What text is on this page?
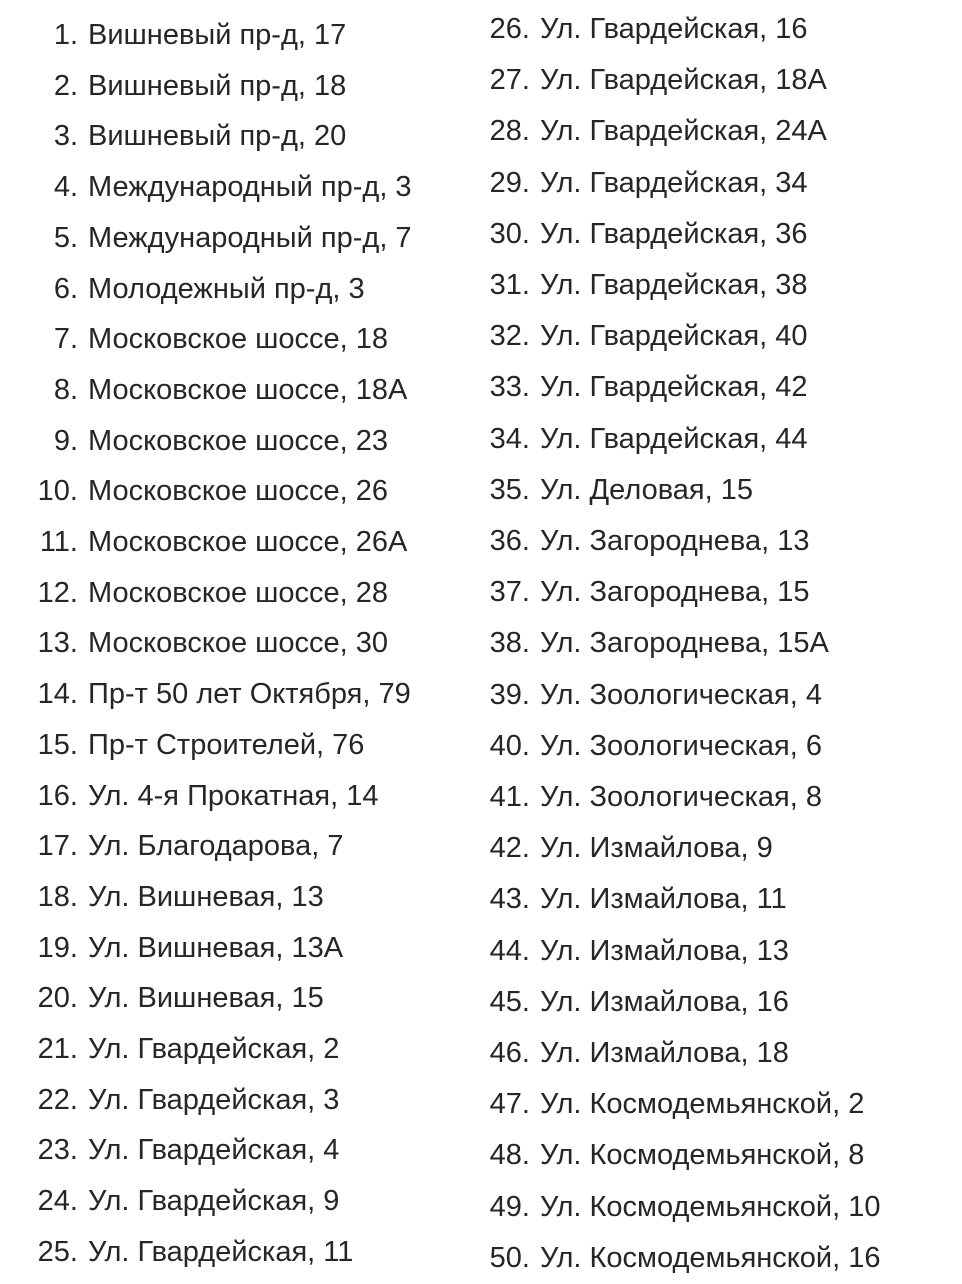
1. Вишневый пр-д, 17
2. Вишневый пр-д, 18
3. Вишневый пр-д, 20
4. Международный пр-д, 3
5. Международный пр-д, 7
6. Молодежный пр-д, 3
7. Московское шоссе, 18
8. Московское шоссе, 18А
9. Московское шоссе, 23
10. Московское шоссе, 26
11. Московское шоссе, 26А
12. Московское шоссе, 28
13. Московское шоссе, 30
14. Пр-т 50 лет Октября, 79
15. Пр-т Строителей, 76
16. Ул. 4-я Прокатная, 14
17. Ул. Благодарова, 7
18. Ул. Вишневая, 13
19. Ул. Вишневая, 13А
20. Ул. Вишневая, 15
21. Ул. Гвардейская, 2
22. Ул. Гвардейская, 3
23. Ул. Гвардейская, 4
24. Ул. Гвардейская, 9
25. Ул. Гвардейская, 11
26. Ул. Гвардейская, 16
27. Ул. Гвардейская, 18А
28. Ул. Гвардейская, 24А
29. Ул. Гвардейская, 34
30. Ул. Гвардейская, 36
31. Ул. Гвардейская, 38
32. Ул. Гвардейская, 40
33. Ул. Гвардейская, 42
34. Ул. Гвардейская, 44
35. Ул. Деловая, 15
36. Ул. Загороднева, 13
37. Ул. Загороднева, 15
38. Ул. Загороднева, 15А
39. Ул. Зоологическая, 4
40. Ул. Зоологическая, 6
41. Ул. Зоологическая, 8
42. Ул. Измайлова, 9
43. Ул. Измайлова, 11
44. Ул. Измайлова, 13
45. Ул. Измайлова, 16
46. Ул. Измайлова, 18
47. Ул. Космодемьянской, 2
48. Ул. Космодемьянской, 8
49. Ул. Космодемьянской, 10
50. Ул. Космодемьянской, 16
